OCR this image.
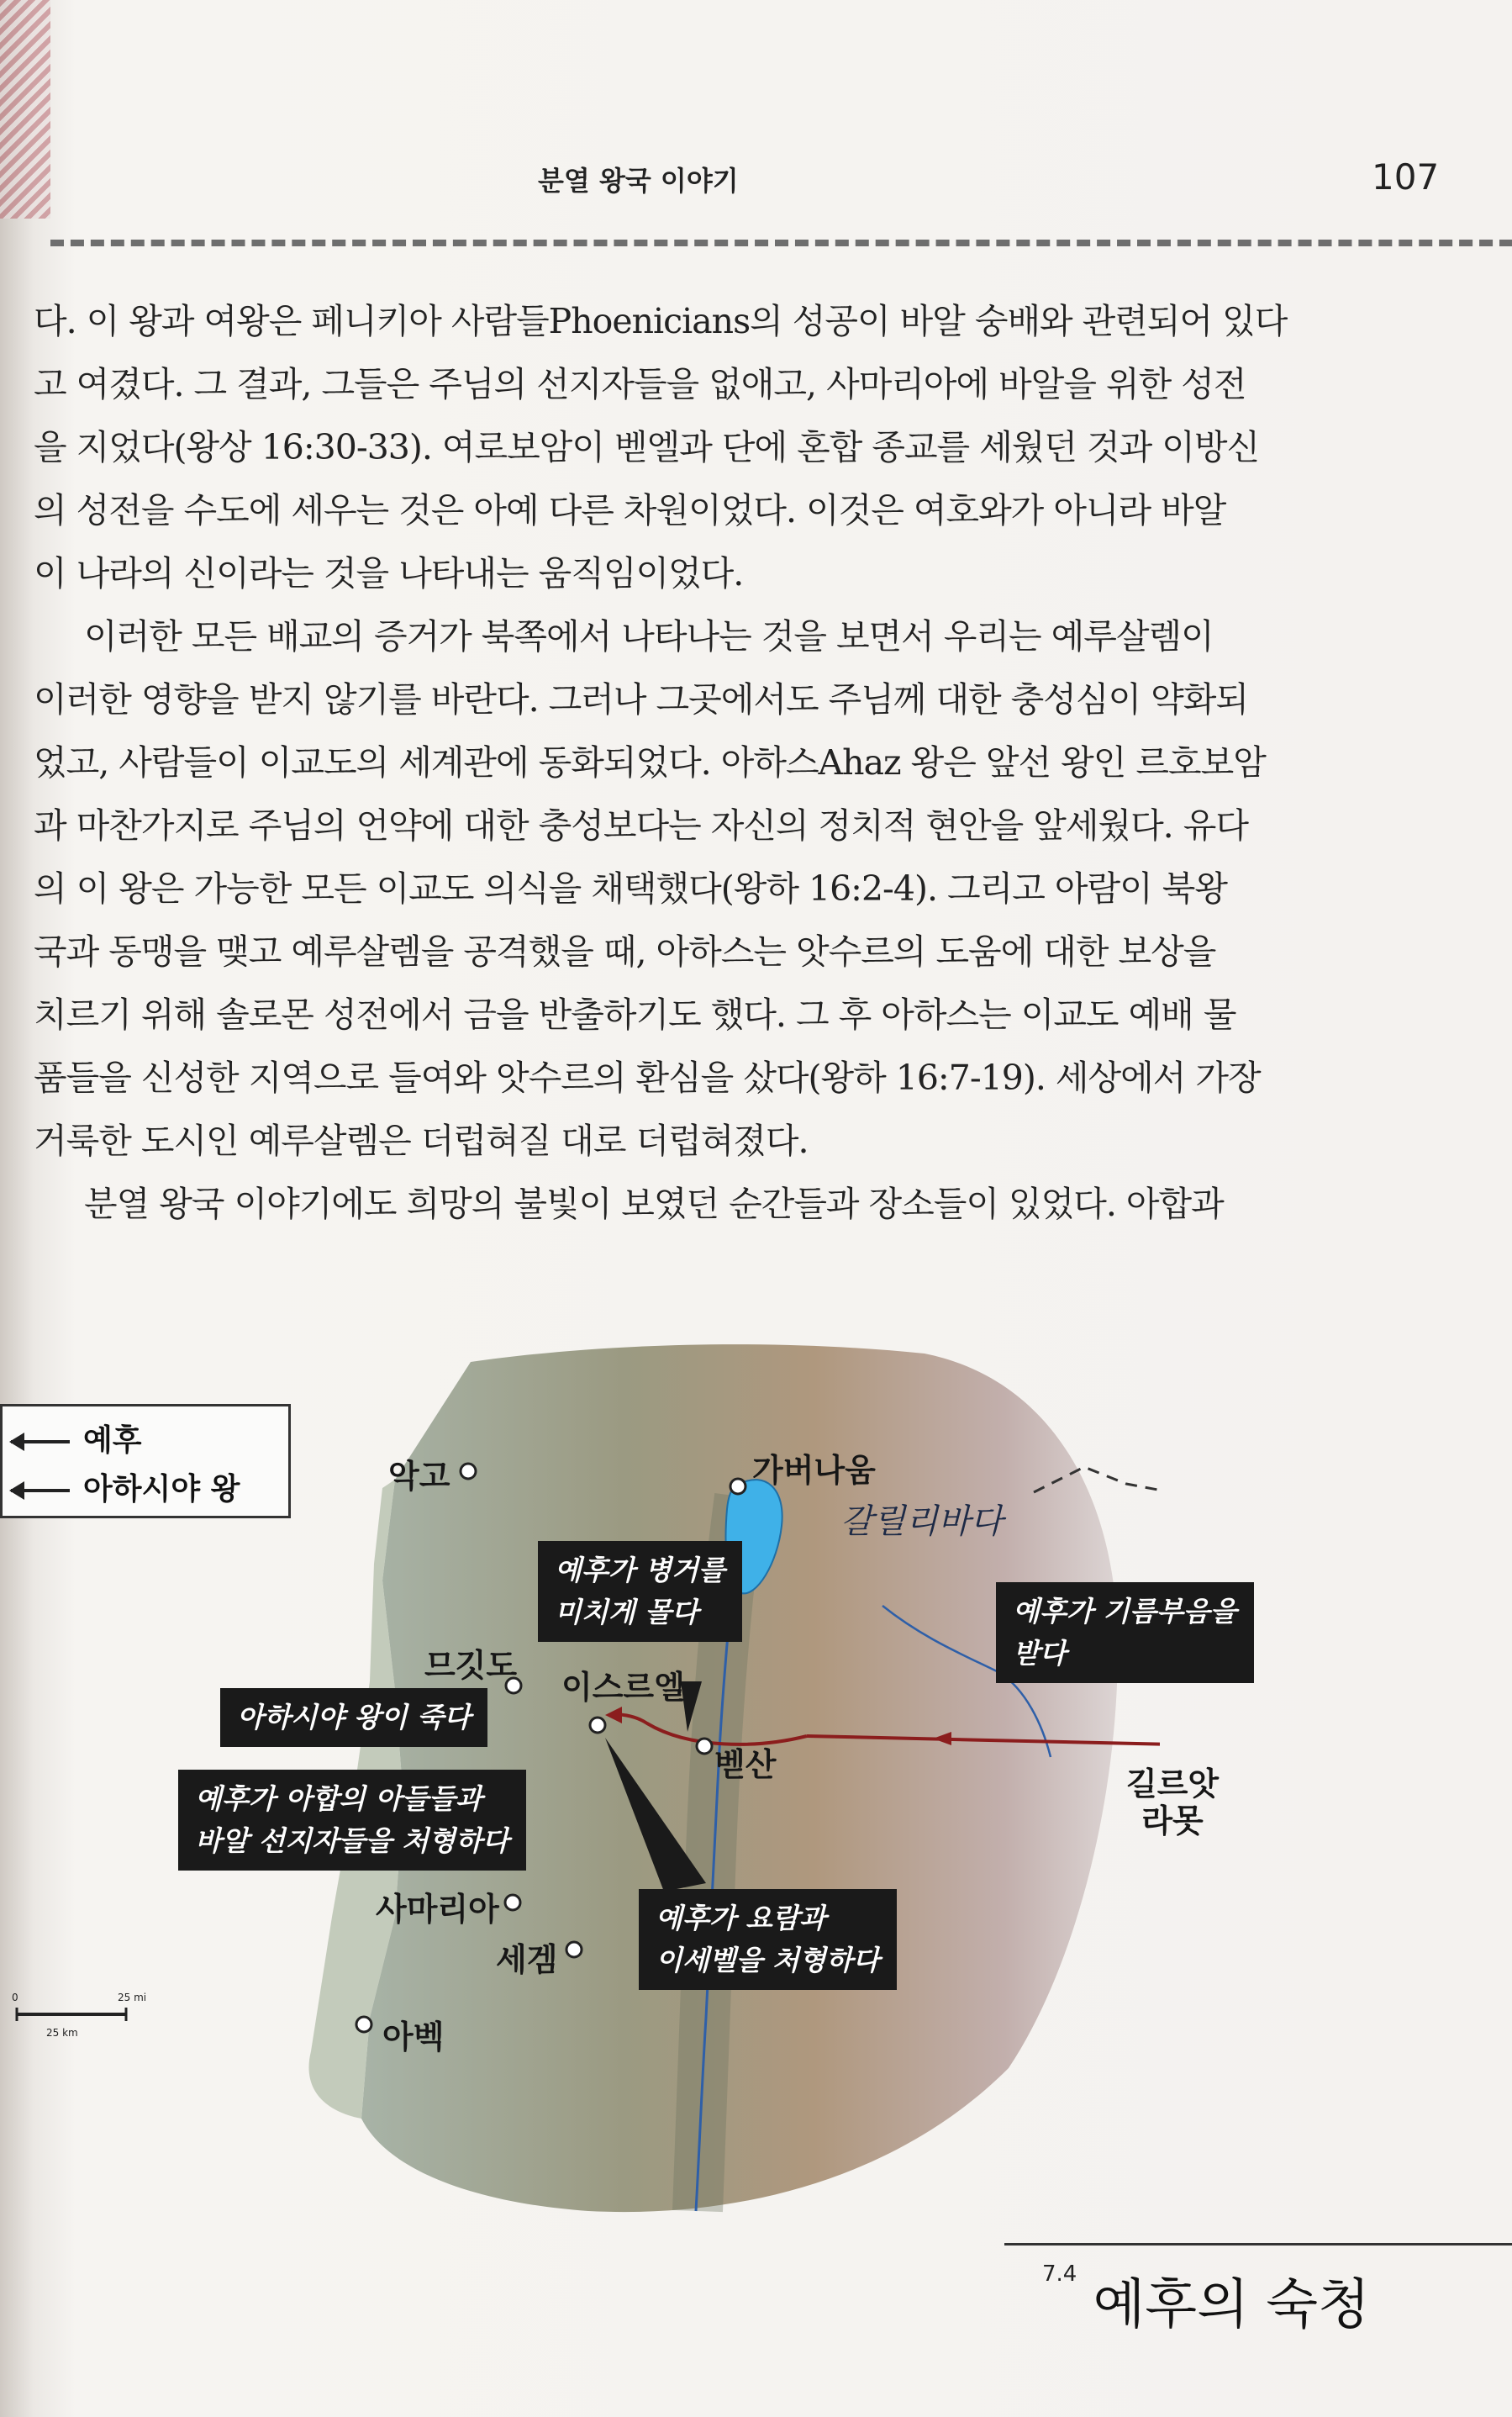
분열 왕국 이야기	107

다. 이 왕과 여왕은 페니키아 사람들Phoenicians의 성공이 바알 숭배와 관련되어 있다

고 여겼다. 그 결과, 그들은 주님의 선지자들을 없애고, 사마리아에 바알을 위한 성전

을 지었다(왕상 16:30-33). 여로보암이 벧엘과 단에 혼합 종교를 세웠던 것과 이방신

의 성전을 수도에 세우는 것은 아예 다른 차원이었다. 이것은 여호와가 아니라 바알

이 나라의 신이라는 것을 나타내는 움직임이었다.

이러한 모든 배교의 증거가 북쪽에서 나타나는 것을 보면서 우리는 예루살렘이

이러한 영향을 받지 않기를 바란다. 그러나 그곳에서도 주님께 대한 충성심이 약화되

었고, 사람들이 이교도의 세계관에 동화되었다. 아하스Ahaz 왕은 앞선 왕인 르호보암

과 마찬가지로 주님의 언약에 대한 충성보다는 자신의 정치적 현안을 앞세웠다. 유다

의 이 왕은 가능한 모든 이교도 의식을 채택했다(왕하 16:2-4). 그리고 아람이 북왕

국과 동맹을 맺고 예루살렘을 공격했을 때, 아하스는 앗수르의 도움에 대한 보상을

치르기 위해 솔로몬 성전에서 금을 반출하기도 했다. 그 후 아하스는 이교도 예배 물

품들을 신성한 지역으로 들여와 앗수르의 환심을 샀다(왕하 16:7-19). 세상에서 가장

거룩한 도시인 예루살렘은 더럽혀질 대로 더럽혀졌다.

분열 왕국 이야기에도 희망의 불빛이 보였던 순간들과 장소들이 있었다. 아합과

0	25 mi
25 km
악고	가버나움
갈릴리바다
므깃도
이스르엘
벧산
길르앗
라못
사마리아
세겜
아벡
예후가 병거를
미치게 몰다	예후가 기름부음을
받다
아하시야 왕이 죽다
예후가 아합의 아들들과
바알 선지자들을 처형하다
예후가 요람과
이세벨을 처형하다
예후
아하시야 왕
7.4 예후의 숙청
